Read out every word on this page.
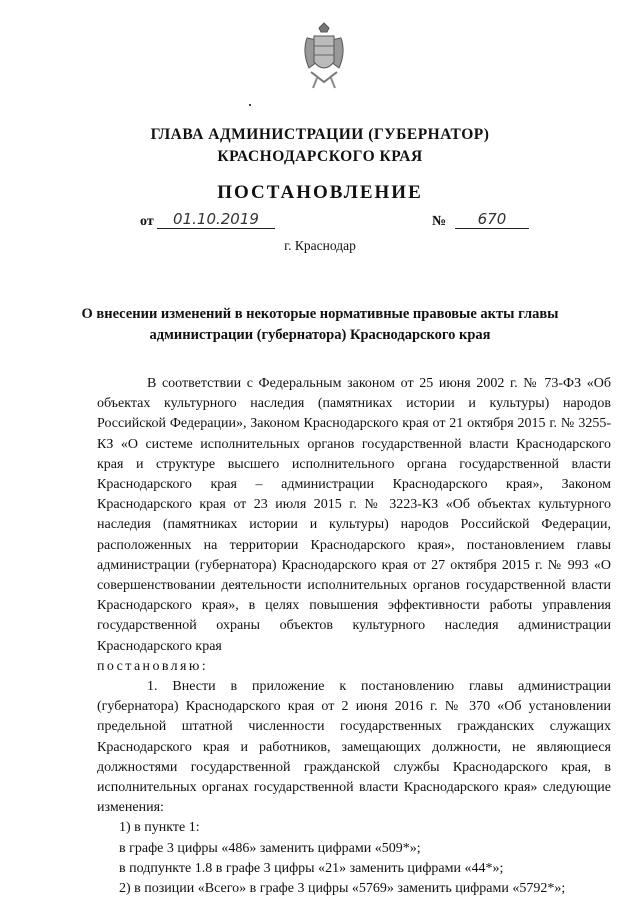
ГЛАВА АДМИНИСТРАЦИИ (ГУБЕРНАТОР)
КРАСНОДАРСКОГО КРАЯ
ПОСТАНОВЛЕНИЕ
от	01.10.2019	№	670
г. Краснодар
О внесении изменений в некоторые нормативные правовые акты главы администрации (губернатора) Краснодарского края

В соответствии с Федеральным законом от 25 июня 2002 г. № 73-ФЗ «Об объектах культурного наследия (памятниках истории и культуры) народов Российской Федерации», Законом Краснодарского края от 21 октября 2015 г. № 3255-КЗ «О системе исполнительных органов государственной власти Краснодарского края и структуре высшего исполнительного органа государственной власти Краснодарского края – администрации Краснодарского края», Законом Краснодарского края от 23 июля 2015 г. № 3223-КЗ «Об объектах культурного наследия (памятниках истории и культуры) народов Российской Федерации, расположенных на территории Краснодарского края», постановлением главы администрации (губернатора) Краснодарского края от 27 октября 2015 г. № 993 «О совершенствовании деятельности исполнительных органов государственной власти Краснодарского края», в целях повышения эффективности работы управления государственной охраны объектов культурного наследия администрации Краснодарского края

постановляю:

1. Внести в приложение к постановлению главы администрации (губернатора) Краснодарского края от 2 июня 2016 г. № 370 «Об установлении предельной штатной численности государственных гражданских служащих Краснодарского края и работников, замещающих должности, не являющиеся должностями государственной гражданской службы Краснодарского края, в исполнительных органах государственной власти Краснодарского края» следующие изменения:

1) в пункте 1:

в графе 3 цифры «486» заменить цифрами «509*»;

в подпункте 1.8 в графе 3 цифры «21» заменить цифрами «44*»;

2) в позиции «Всего» в графе 3 цифры «5769» заменить цифрами «5792*»;
